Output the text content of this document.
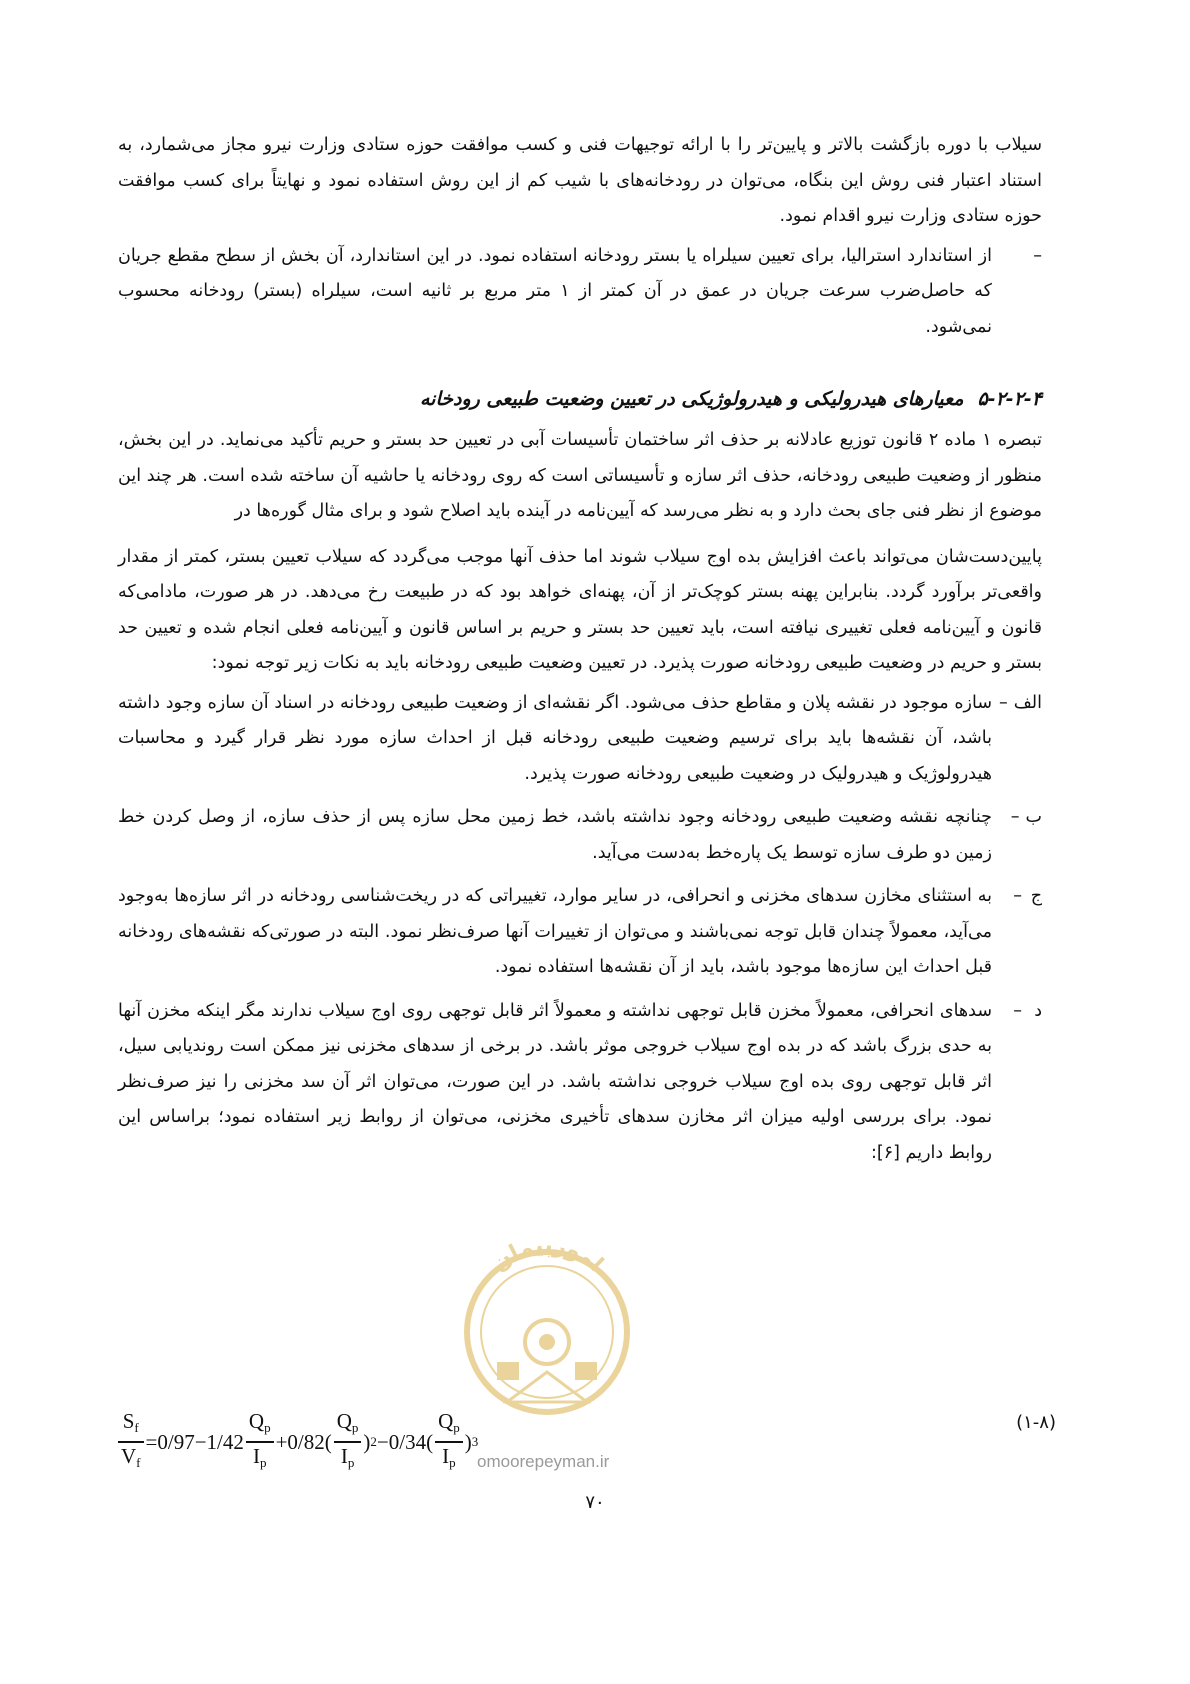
سیلاب با دوره بازگشت بالاتر و پایین‌تر را با ارائه توجیهات فنی و کسب موافقت حوزه ستادی وزارت نیرو مجاز می‌شمارد، به استناد اعتبار فنی روش این بنگاه، می‌توان در رودخانه‌های با شیب کم از این روش استفاده نمود و نهایتاً برای کسب موافقت حوزه ستادی وزارت نیرو اقدام نمود.

–

از استاندارد استرالیا، برای تعیین سیلراه یا بستر رودخانه استفاده نمود. در این استاندارد، آن بخش از سطح مقطع جریان که حاصل‌ضرب سرعت جریان در عمق در آن کمتر از ۱ متر مربع بر ثانیه است، سیلراه (بستر) رودخانه محسوب نمی‌شود.

۵-۲-۲-۴معیارهای هیدرولیکی و هیدرولوژیکی در تعیین وضعیت طبیعی رودخانه

تبصره ۱ ماده ۲ قانون توزیع عادلانه بر حذف اثر ساختمان تأسیسات آبی در تعیین حد بستر و حریم تأکید می‌نماید. در این بخش، منظور از وضعیت طبیعی رودخانه، حذف اثر سازه و تأسیساتی است که روی رودخانه یا حاشیه آن ساخته شده است. هر چند این موضوع از نظر فنی جای بحث دارد و به نظر می‌رسد که آیین‌نامه در آینده باید اصلاح شود و برای مثال گوره‌ها در

پایین‌دست‌شان می‌تواند باعث افزایش بده اوج سیلاب شوند اما حذف آنها موجب می‌گردد که سیلاب تعیین بستر، کمتر از مقدار واقعی‌تر برآورد گردد. بنابراین پهنه بستر کوچک‌تر از آن، پهنه‌ای خواهد بود که در طبیعت رخ می‌دهد. در هر صورت، مادامی‌که قانون و آیین‌نامه فعلی تغییری نیافته است، باید تعیین حد بستر و حریم بر اساس قانون و آیین‌نامه فعلی انجام شده و تعیین حد بستر و حریم در وضعیت طبیعی رودخانه صورت پذیرد. در تعیین وضعیت طبیعی رودخانه باید به نکات زیر توجه نمود:

الف–

سازه موجود در نقشه پلان و مقاطع حذف می‌شود. اگر نقشه‌ای از وضعیت طبیعی رودخانه در اسناد آن سازه وجود داشته باشد، آن نقشه‌ها باید برای ترسیم وضعیت طبیعی رودخانه قبل از احداث سازه مورد نظر قرار گیرد و محاسبات هیدرولوژیک و هیدرولیک در وضعیت طبیعی رودخانه صورت پذیرد.

ب–

چنانچه نقشه وضعیت طبیعی رودخانه وجود نداشته باشد، خط زمین محل سازه پس از حذف سازه، از وصل کردن خط زمین دو طرف سازه توسط یک پاره‌خط به‌دست می‌آید.

ج–

به استثنای مخازن سدهای مخزنی و انحرافی، در سایر موارد، تغییراتی که در ریخت‌شناسی رودخانه در اثر سازه‌ها به‌وجود می‌آید، معمولاً چندان قابل توجه نمی‌باشند و می‌توان از تغییرات آنها صرف‌نظر نمود. البته در صورتی‌که نقشه‌های رودخانه قبل احداث این سازه‌ها موجود باشد، باید از آن نقشه‌ها استفاده نمود.

د–

سدهای انحرافی، معمولاً مخزن قابل توجهی نداشته و معمولاً اثر قابل توجهی روی اوج سیلاب ندارند مگر اینکه مخزن آنها به حدی بزرگ باشد که در بده اوج سیلاب خروجی موثر باشد. در برخی از سدهای مخزنی نیز ممکن است روندیابی سیل، اثر قابل توجهی روی بده اوج سیلاب خروجی نداشته باشد. در این صورت، می‌توان اثر آن سد مخزنی را نیز صرف‌نظر نمود. برای بررسی اولیه میزان اثر مخازن سدهای تأخیری مخزنی، می‌توان از روابط زیر استفاده نمود؛ براساس این روابط داریم [۶]:

امورپیمان
$\frac{S_f}{V_f} =0/97 -1/42 \frac{Q_p}{I_p} +0/82( \frac{Q_p}{I_p}$ ) $2 -0/34( \frac{Q_p}{I_p}$ ) 3
(۱-۸)
omoorepeyman.ir
۷۰
